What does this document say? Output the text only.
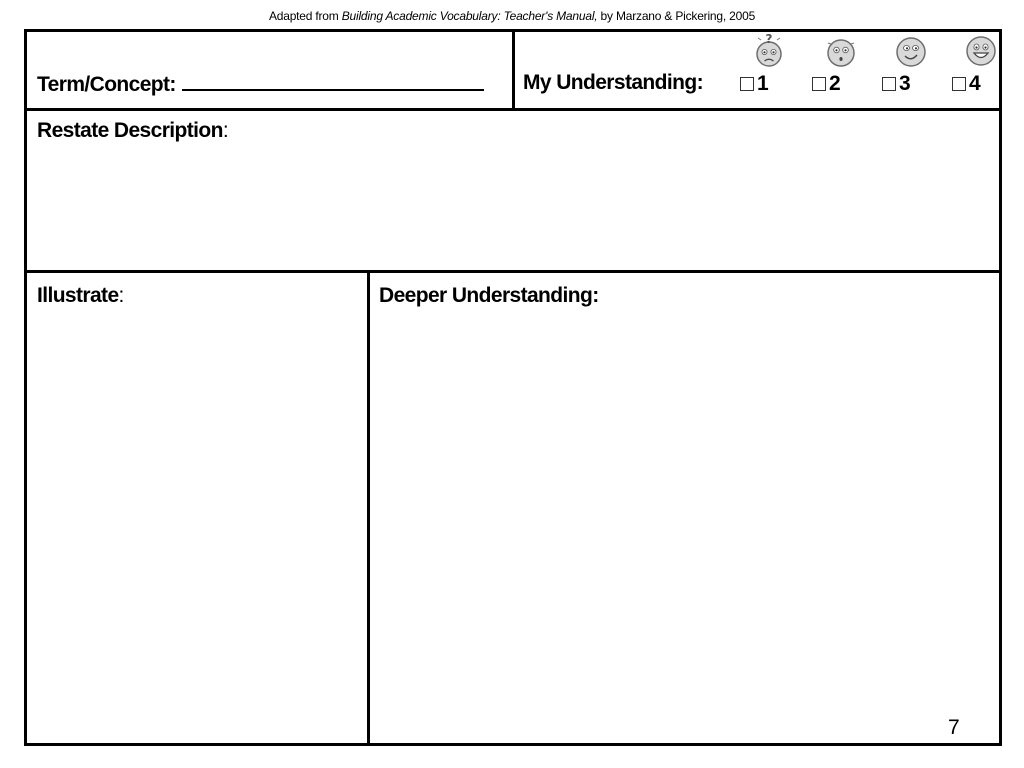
Adapted from Building Academic Vocabulary: Teacher's Manual, by Marzano & Pickering, 2005
Term/Concept:	My Understanding:
?
1	2	3	4
Restate Description:
Illustrate:	Deeper Understanding:
7
